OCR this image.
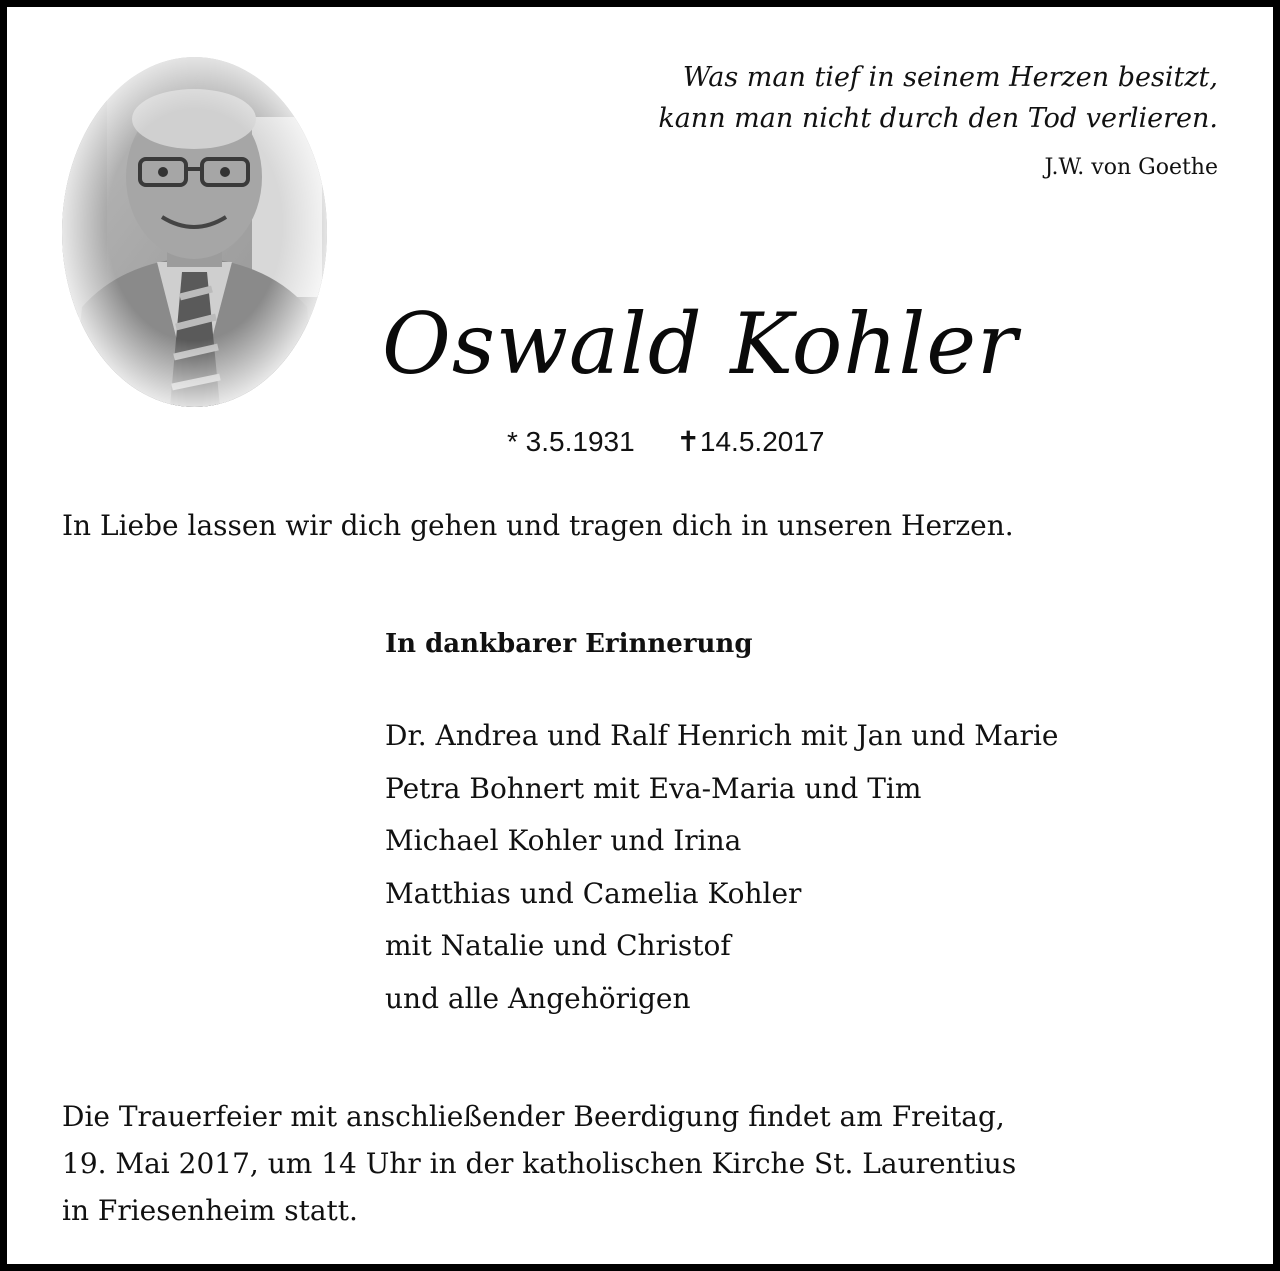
Was man tief in seinem Herzen besitzt,
kann man nicht durch den Tod verlieren.
J.W. von Goethe
Oswald Kohler
* 3.5.1931 ✝14.5.2017
In Liebe lassen wir dich gehen und tragen dich in unseren Herzen.
In dankbarer Erinnerung
Dr. Andrea und Ralf Henrich mit Jan und Marie
Petra Bohnert mit Eva-Maria und Tim
Michael Kohler und Irina
Matthias und Camelia Kohler
mit Natalie und Christof
und alle Angehörigen
Die Trauerfeier mit anschließender Beerdigung findet am Freitag,
19. Mai 2017, um 14 Uhr in der katholischen Kirche St. Laurentius
in Friesenheim statt.
